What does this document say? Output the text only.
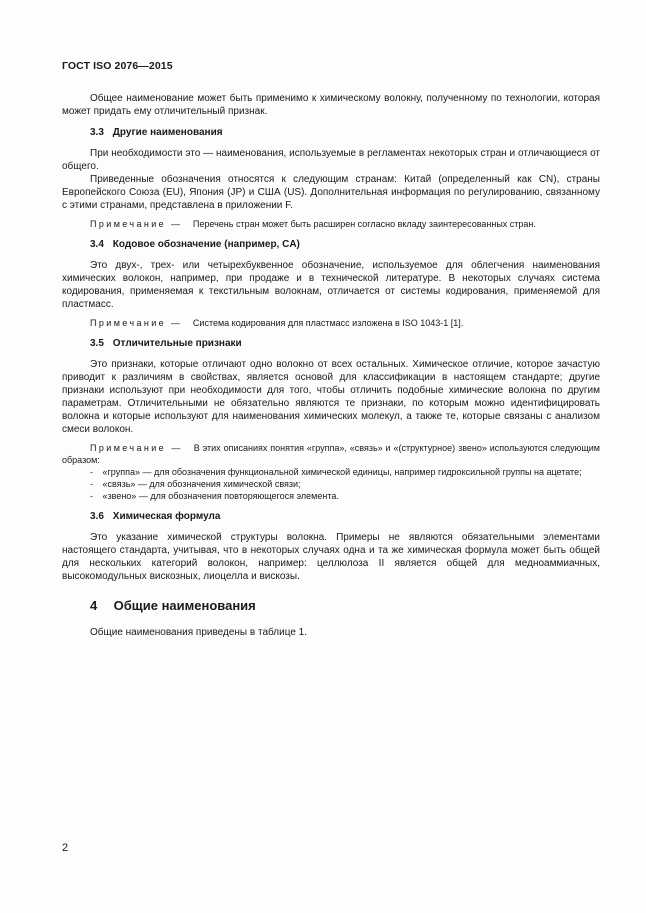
ГОСТ ISO 2076—2015

Общее наименование может быть применимо к химическому волокну, полученному по технологии, которая может придать ему отличительный признак.

3.3 Другие наименования

При необходимости это — наименования, используемые в регламентах некоторых стран и отличающиеся от общего.

Приведенные обозначения относятся к следующим странам: Китай (определенный как CN), страны Европейского Союза (EU), Япония (JP) и США (US). Дополнительная информация по регулированию, связанному с этими странами, представлена в приложении F.

Примечание — Перечень стран может быть расширен согласно вкладу заинтересованных стран.

3.4 Кодовое обозначение (например, CA)

Это двух-, трех- или четырехбуквенное обозначение, используемое для облегчения наименования химических волокон, например, при продаже и в технической литературе. В некоторых случаях система кодирования, применяемая к текстильным волокнам, отличается от системы кодирования, применяемой для пластмасс.

Примечание — Система кодирования для пластмасс изложена в ISO 1043-1 [1].

3.5 Отличительные признаки

Это признаки, которые отличают одно волокно от всех остальных. Химическое отличие, которое зачастую приводит к различиям в свойствах, является основой для классификации в настоящем стандарте; другие признаки используют при необходимости для того, чтобы отличить подобные химические волокна по другим параметрам. Отличительными не обязательно являются те признаки, по которым можно идентифицировать волокна и которые используют для наименования химических молекул, а также те, которые связаны с анализом смеси волокон.

Примечание — В этих описаниях понятия «группа», «связь» и «(структурное) звено» используются следующим образом:

- «группа» — для обозначения функциональной химической единицы, например гидроксильной группы на ацетате;

- «связь» — для обозначения химической связи;

- «звено» — для обозначения повторяющегося элемента.

3.6 Химическая формула

Это указание химической структуры волокна. Примеры не являются обязательными элементами настоящего стандарта, учитывая, что в некоторых случаях одна и та же химическая формула может быть общей для нескольких категорий волокон, например: целлюлоза II является общей для медноаммиачных, высокомодульных вискозных, лиоцелла и вискозы.

4 Общие наименования

Общие наименования приведены в таблице 1.

2
